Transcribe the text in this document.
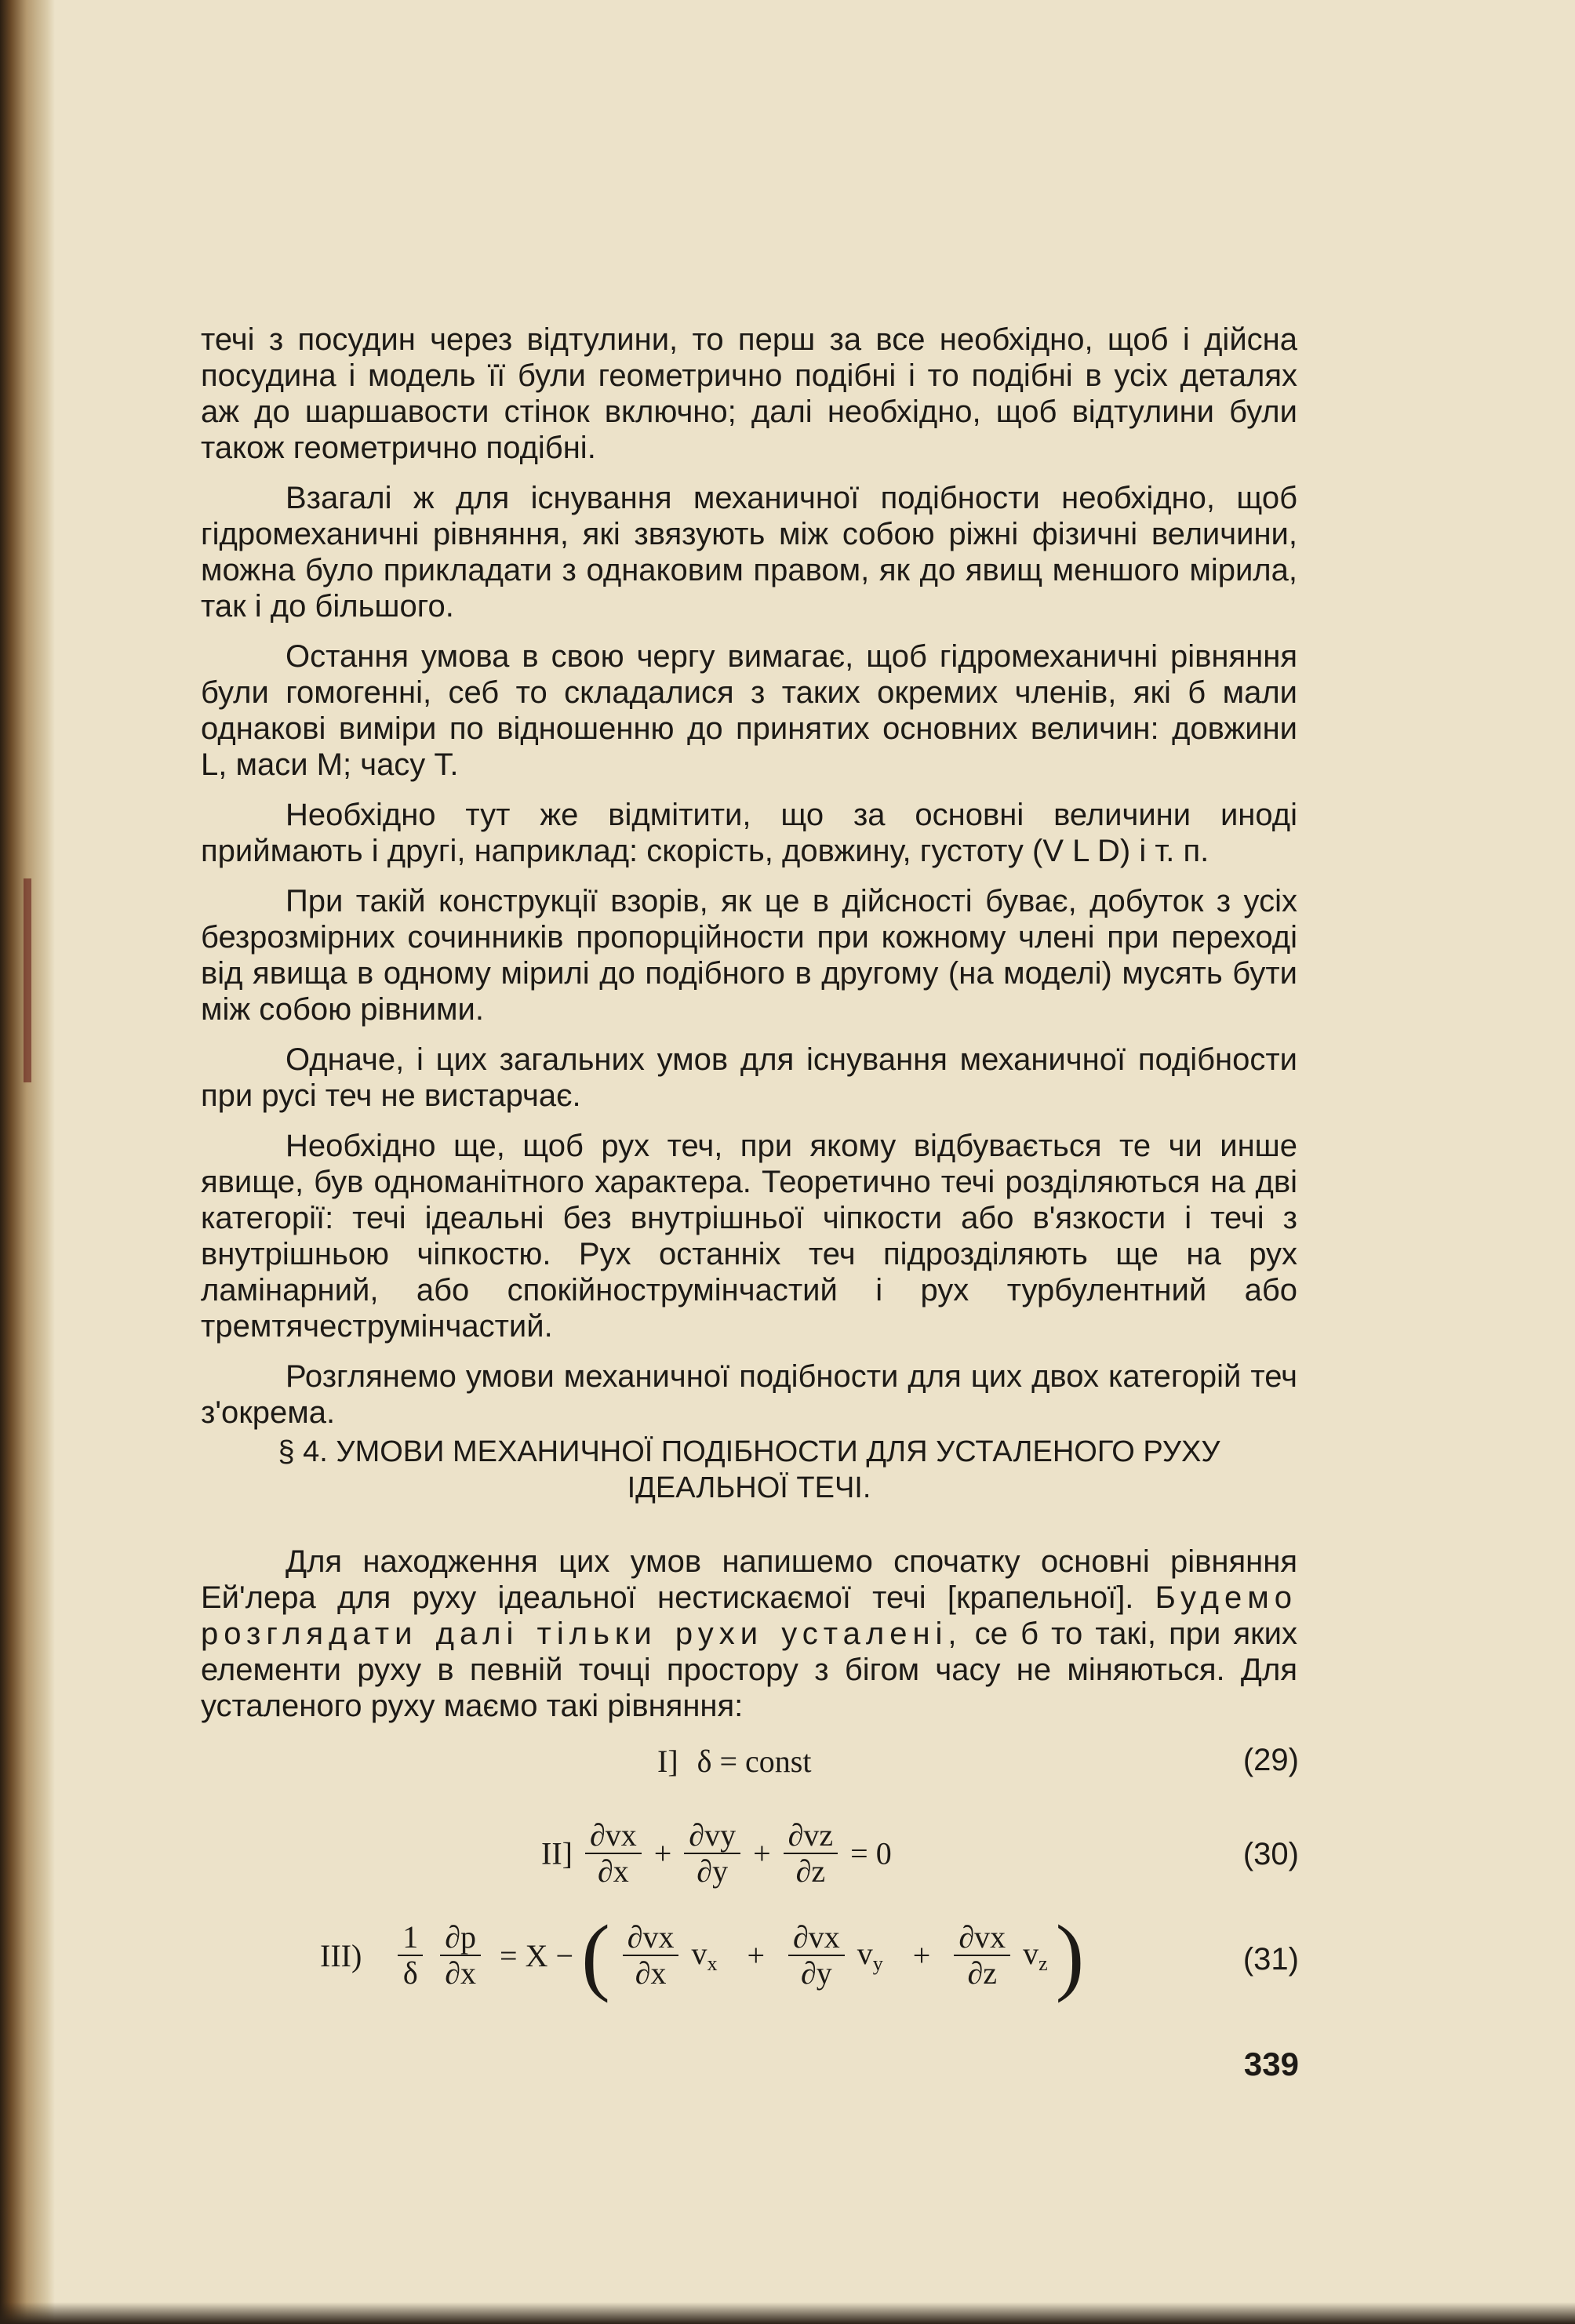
течі з посудин через відтулини, то перш за все необхідно, щоб і дійсна посудина і модель її були геометрично подібні і то подібні в усіх деталях аж до шаршавости стінок включно; далі необхідно, щоб відтулини були також геометрично подібні.

Взагалі ж для існування механичної подібности необхідно, щоб гідромеханичні рівняння, які звязують між собою ріжні фізичні величини, можна було прикладати з однаковим правом, як до явищ меншого мірила, так і до більшого.

Остання умова в свою чергу вимагає, щоб гідромеханичні рівняння були гомогенні, себ то складалися з таких окремих членів, які б мали однакові виміри по відношенню до принятих основних величин: довжини L, маси M; часу T.

Необхідно тут же відмітити, що за основні величини иноді приймають і другі, наприклад: скорість, довжину, густоту (V L D) і т. п.

При такій конструкції взорів, як це в дійсності буває, добуток з усіх безрозмірних сочинників пропорційности при кожному члені при переході від явища в одному мірилі до подібного в другому (на моделі) мусять бути між собою рівними.

Одначе, і цих загальних умов для існування механичної подібности при русі теч не вистарчає.

Необхідно ще, щоб рух теч, при якому відбувається те чи инше явище, був одноманітного характера. Теоретично течі розділяються на дві категорії: течі ідеальні без внутрішньої чіпкости або в'язкости і течі з внутрішньою чіпкостю. Рух останніх теч підрозділяють ще на рух ламінарний, або спокійнострумінчастий і рух турбулентний або тремтячеструмінчастий.

Розглянемо умови механичної подібности для цих двох категорій теч з'окрема.

§ 4. УМОВИ МЕХАНИЧНОЇ ПОДІБНОСТИ ДЛЯ УСТАЛЕНОГО РУХУ
ІДЕАЛЬНОЇ ТЕЧІ.

Для находження цих умов напишемо спочатку основні рівняння Ей'лера для руху ідеальної нестискаємої течі [крапельної]. Будемо розглядати далі тільки рухи усталені, се б то такі, при яких елементи руху в певній точці простору з бігом часу не міняються. Для усталеного руху маємо такі рівняння:

I] δ = const	(29)
$II] \frac{\partial vx}{\partial x} + \frac{\partial vy}{\partial y} + \frac{\partial vz}{\partial z} = 0$	(30)
$III) \frac{1}{\delta}$
$\frac{\partial p}{\partial x} = X$ − ( $\frac{\partial vx}{\partial x} v_x + \frac{\partial vx}{\partial y} v_y + \frac{\partial vx}{\partial z} v_z$ )	(31)
339
